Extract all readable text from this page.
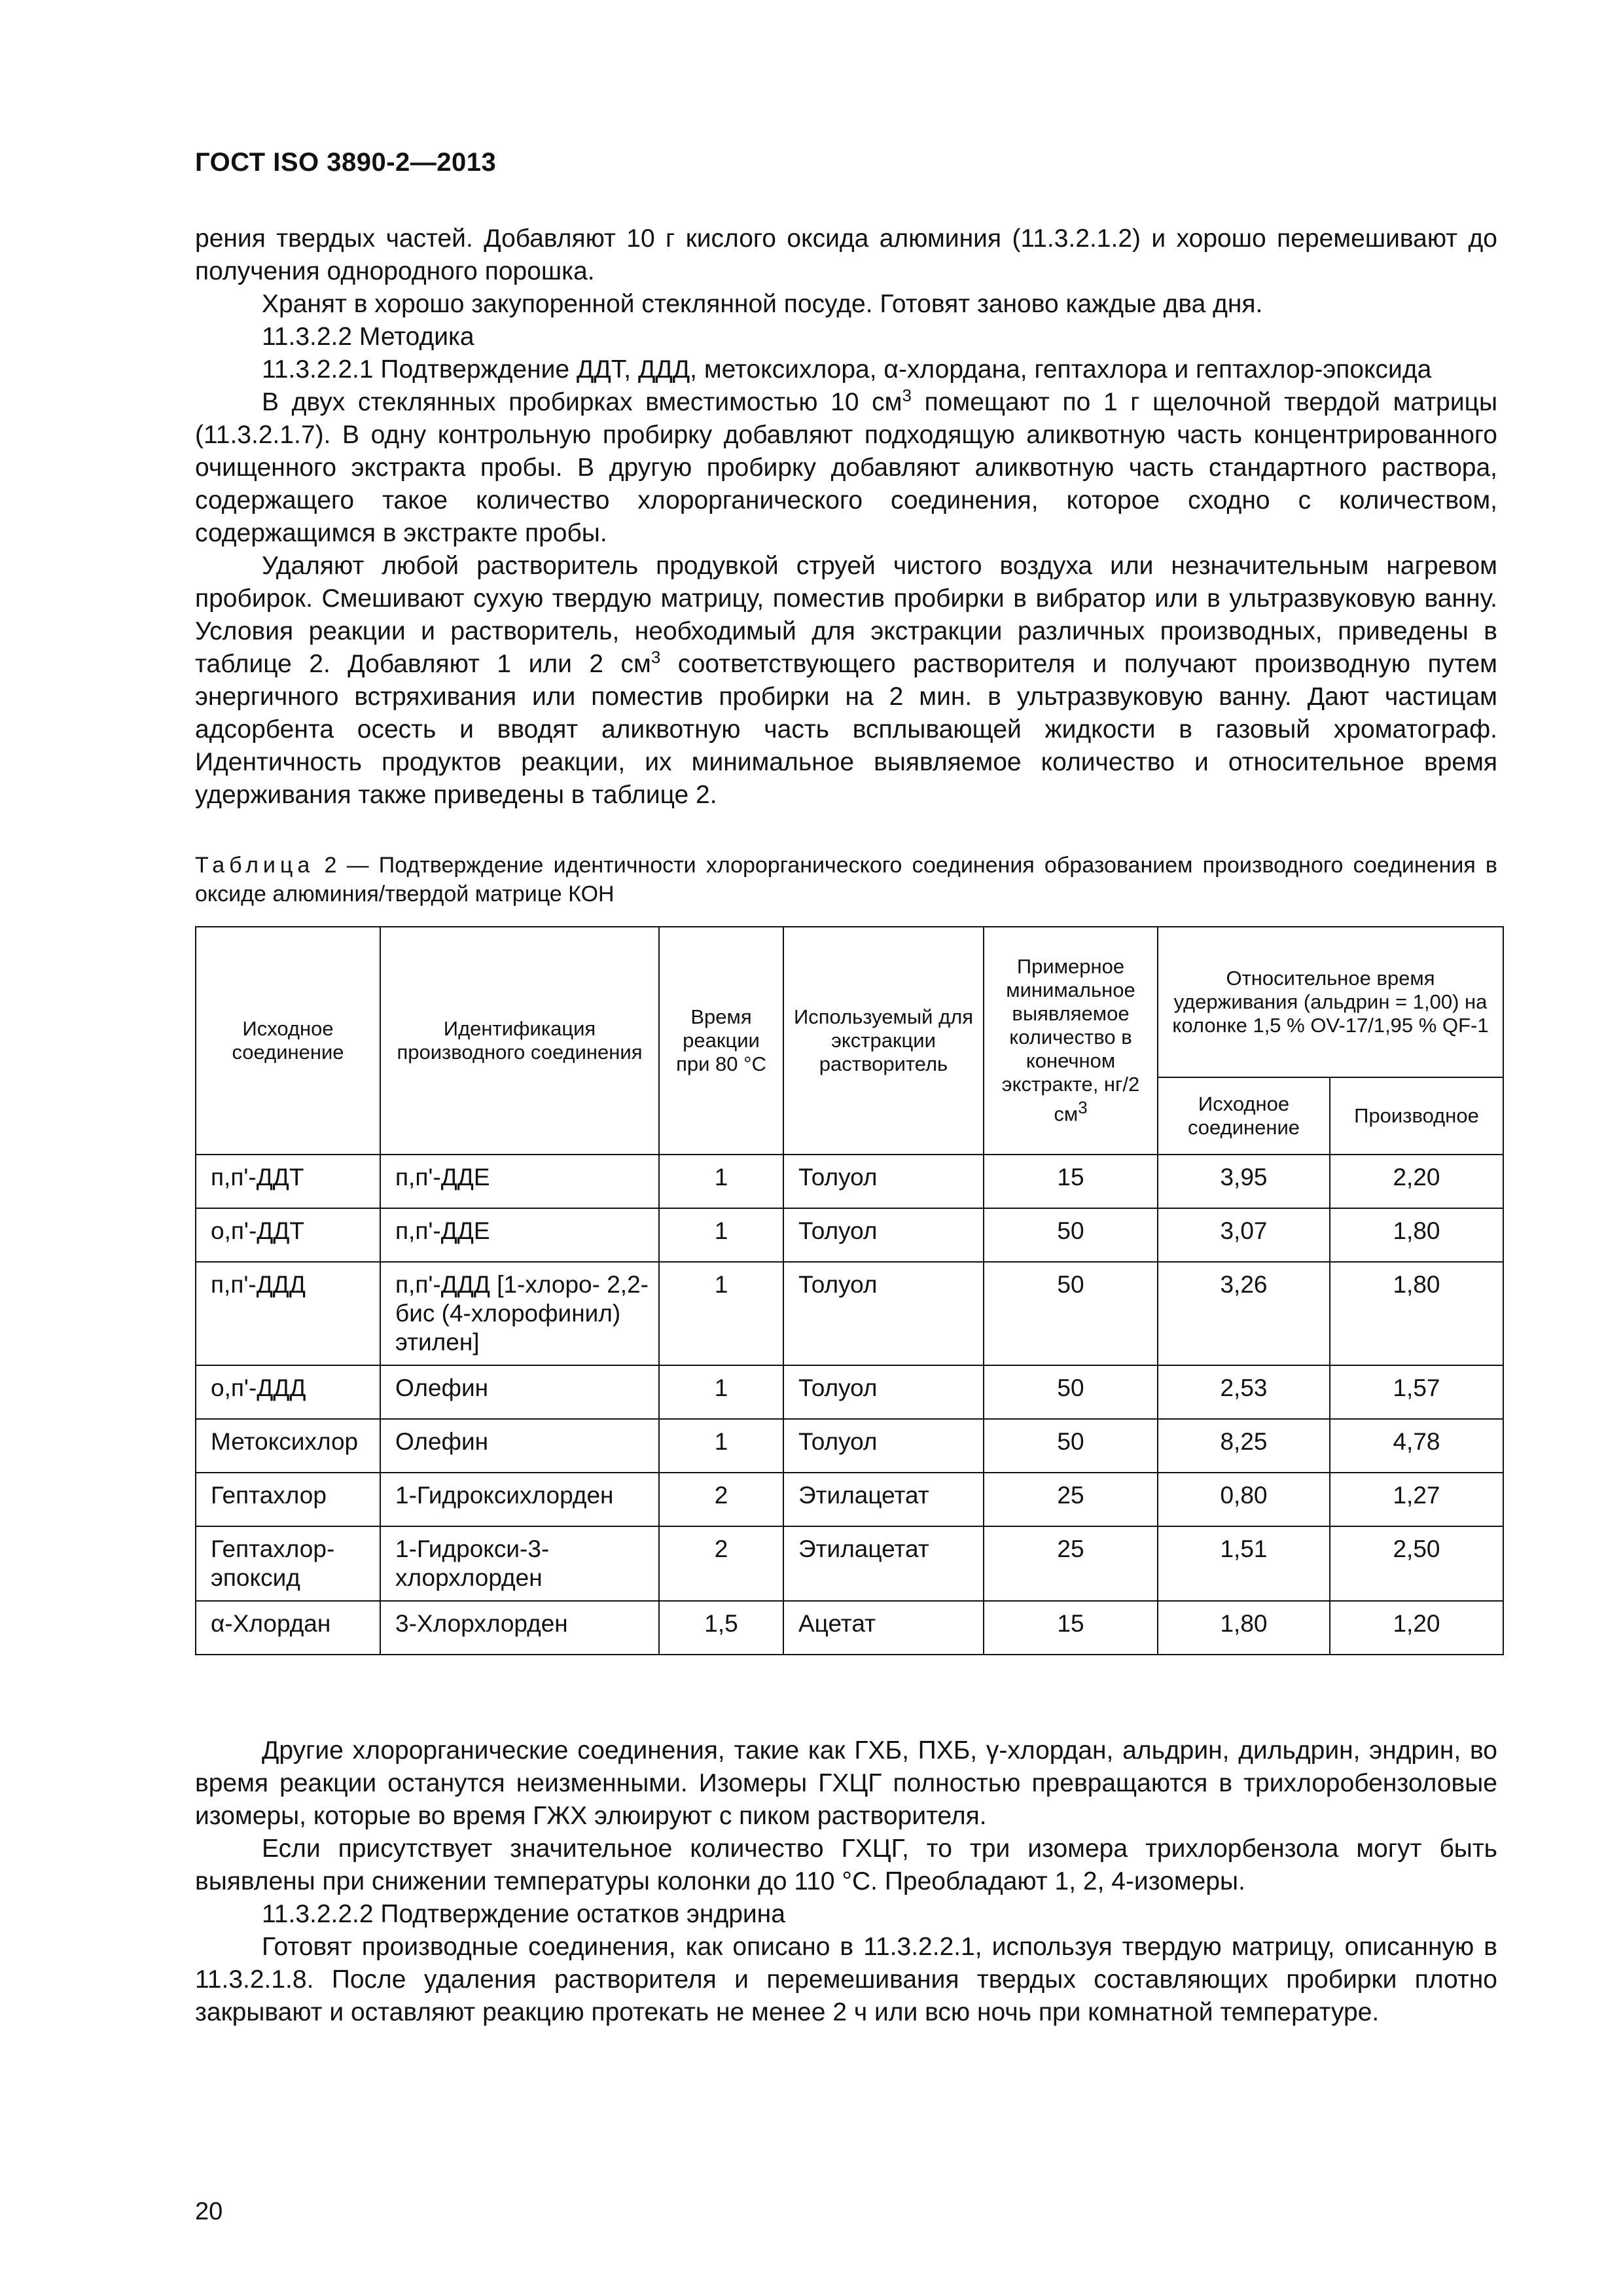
ГОСТ ISO 3890-2—2013

рения твердых частей. Добавляют 10 г кислого оксида алюминия (11.3.2.1.2) и хорошо перемешивают до получения однородного порошка.

Хранят в хорошо закупоренной стеклянной посуде. Готовят заново каждые два дня.

11.3.2.2 Методика

11.3.2.2.1 Подтверждение ДДТ, ДДД, метоксихлора, α-хлордана, гептахлора и гептахлор-эпоксида

В двух стеклянных пробирках вместимостью 10 $см^3$ помещают по 1 г щелочной твердой матрицы (11.3.2.1.7). В одну контрольную пробирку добавляют подходящую аликвотную часть концентрированного очищенного экстракта пробы. В другую пробирку добавляют аликвотную часть стандартного раствора, содержащего такое количество хлорорганического соединения, которое сходно с количеством, содержащимся в экстракте пробы.

Удаляют любой растворитель продувкой струей чистого воздуха или незначительным нагревом пробирок. Смешивают сухую твердую матрицу, поместив пробирки в вибратор или в ультразвуковую ванну. Условия реакции и растворитель, необходимый для экстракции различных производных, приведены в таблице 2. Добавляют 1 или 2 $см^3$ соответствующего растворителя и получают производную путем энергичного встряхивания или поместив пробирки на 2 мин. в ультразвуковую ванну. Дают частицам адсорбента осесть и вводят аликвотную часть всплывающей жидкости в газовый хроматограф. Идентичность продуктов реакции, их минимальное выявляемое количество и относительное время удерживания также приведены в таблице 2.

Таблица 2 — Подтверждение идентичности хлорорганического соединения образованием производного соединения в оксиде алюминия/твердой матрице КОН
Исходное соединение	Идентификация производного соединения	Время реакции при 80 °С	Используемый для экстракции растворитель	Примерное минимальное выявляемое количество в конечном экстракте, нг/2 $см^3$	Относительное время удерживания (альдрин = 1,00) на колонке 1,5 % OV-17/1,95 % QF-1	
					Исходное соединение	Производное
п,п'-ДДТ	п,п'-ДДЕ	1	Толуол	15	3,95	2,20
о,п'-ДДТ	п,п'-ДДЕ	1	Толуол	50	3,07	1,80
п,п'-ДДД	п,п'-ДДД [1-хлоро- 2,2-бис (4-хлорофинил) этилен]	1	Толуол	50	3,26	1,80
о,п'-ДДД	Олефин	1	Толуол	50	2,53	1,57
Метоксихлор	Олефин	1	Толуол	50	8,25	4,78
Гептахлор	1-Гидроксихлорден	2	Этилацетат	25	0,80	1,27
Гептахлор-эпоксид	1-Гидрокси-3-хлорхлорден	2	Этилацетат	25	1,51	2,50
α-Хлордан	3-Хлорхлорден	1,5	Ацетат	15	1,80	1,20

Другие хлорорганические соединения, такие как ГХБ, ПХБ, γ-хлордан, альдрин, дильдрин, эндрин, во время реакции останутся неизменными. Изомеры ГХЦГ полностью превращаются в трихлоробензоловые изомеры, которые во время ГЖХ элюируют с пиком растворителя.

Если присутствует значительное количество ГХЦГ, то три изомера трихлорбензола могут быть выявлены при снижении температуры колонки до 110 °С. Преобладают 1, 2, 4-изомеры.

11.3.2.2.2 Подтверждение остатков эндрина

Готовят производные соединения, как описано в 11.3.2.2.1, используя твердую матрицу, описанную в 11.3.2.1.8. После удаления растворителя и перемешивания твердых составляющих пробирки плотно закрывают и оставляют реакцию протекать не менее 2 ч или всю ночь при комнатной температуре.

20
